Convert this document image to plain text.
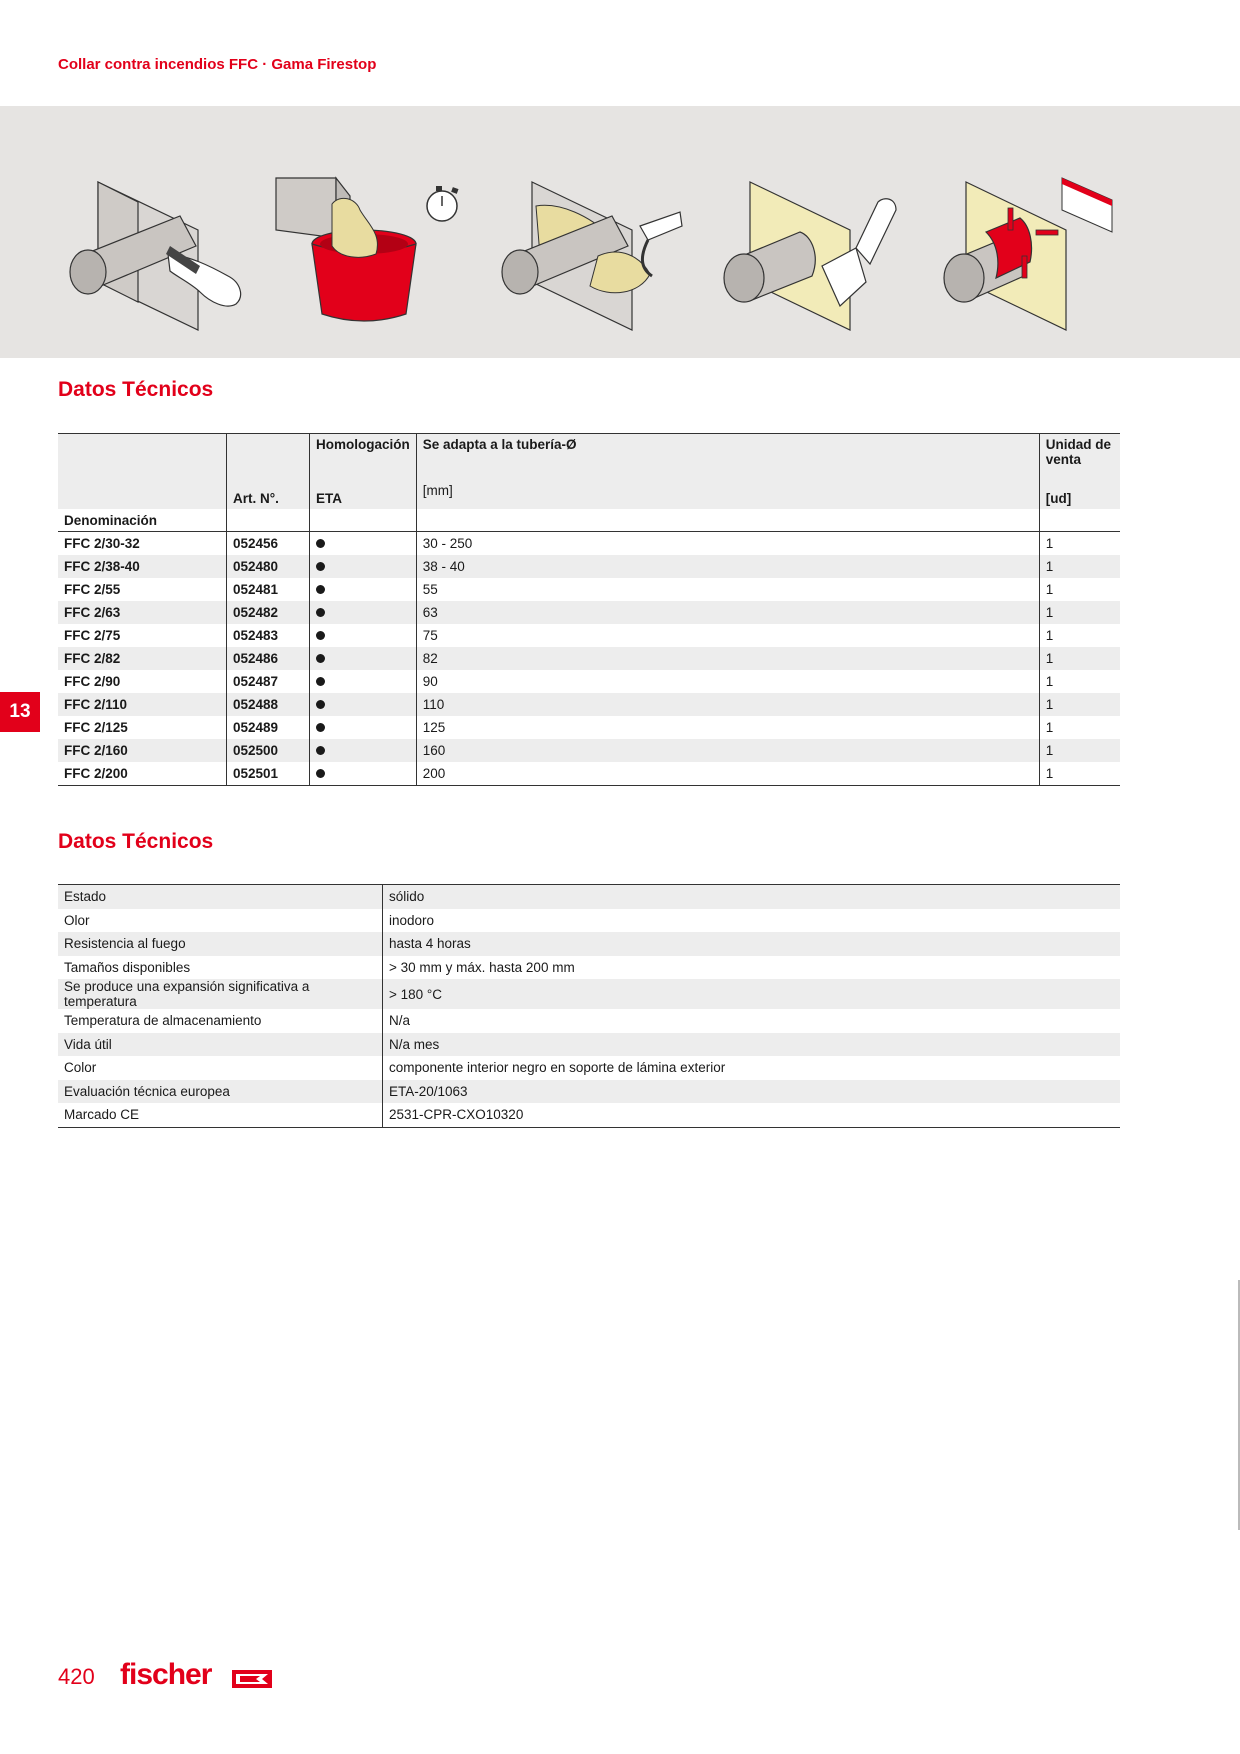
Collar contra incendios FFC · Gama Firestop
Datos Técnicos
13
		Homologación	Se adapta a la tubería-Ø	Unidad de venta
	Art. N°.	ETA	[mm]	[ud]
Denominación				
FFC 2/30-32	052456		30 - 250	1
FFC 2/38-40	052480		38 - 40	1
FFC 2/55	052481		55	1
FFC 2/63	052482		63	1
FFC 2/75	052483		75	1
FFC 2/82	052486		82	1
FFC 2/90	052487		90	1
FFC 2/110	052488		110	1
FFC 2/125	052489		125	1
FFC 2/160	052500		160	1
FFC 2/200	052501		200	1
Datos Técnicos
Estado	sólido
Olor	inodoro
Resistencia al fuego	hasta 4 horas
Tamaños disponibles	> 30 mm y máx. hasta 200 mm
Se produce una expansión significativa a temperatura	> 180 °C
Temperatura de almacenamiento	N/a
Vida útil	N/a mes
Color	componente interior negro en soporte de lámina exterior
Evaluación técnica europea	ETA-20/1063
Marcado CE	2531-CPR-CXO10320
420 fischer
